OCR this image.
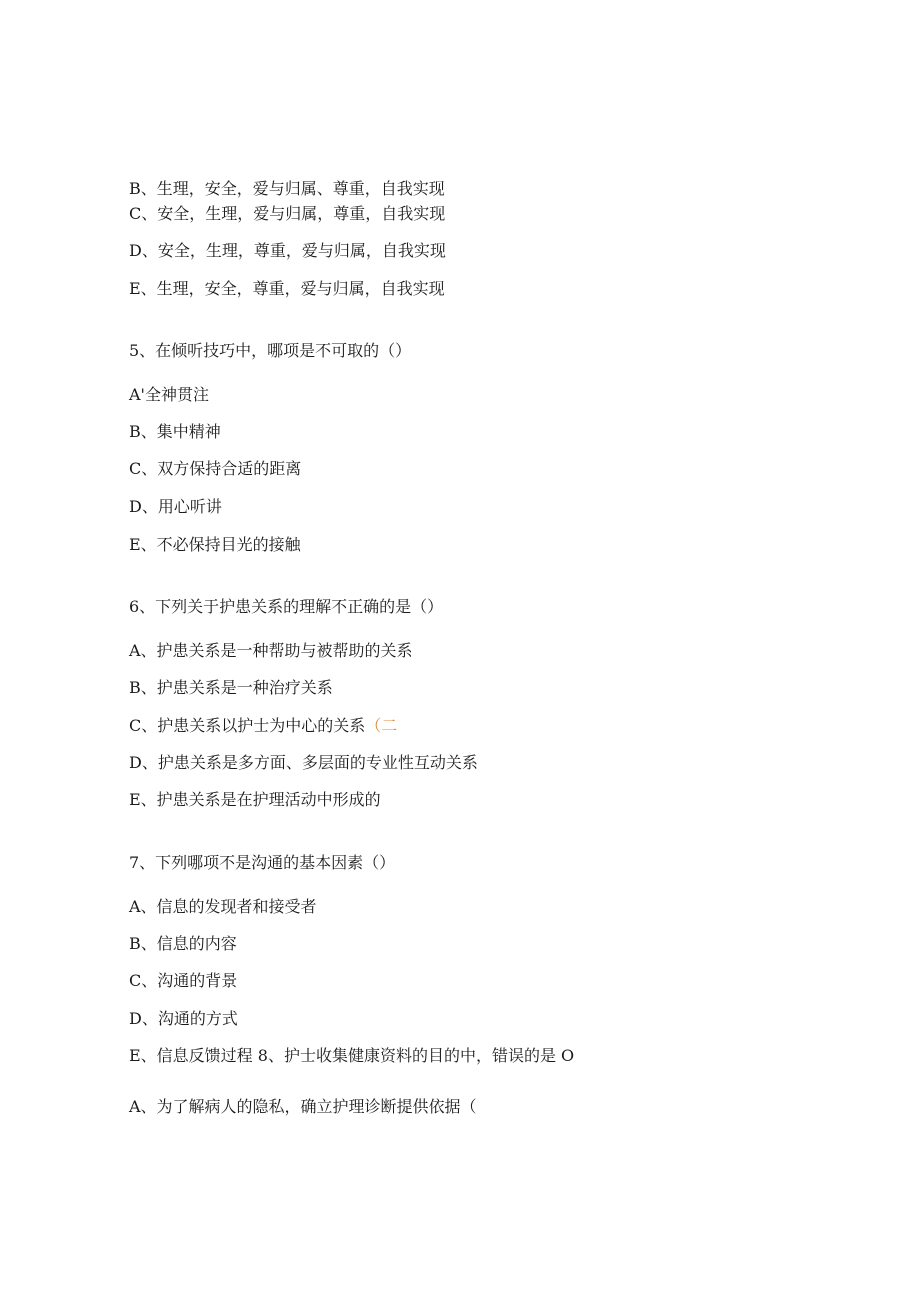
B、生理，安全，爱与归属、尊重，自我实现
C、安全，生理，爱与归属，尊重，自我实现
D、安全，生理，尊重，爱与归属，自我实现
E、生理，安全，尊重，爱与归属，自我实现
5、在倾听技巧中，哪项是不可取的（）
A'全神贯注
B、集中精神
C、双方保持合适的距离
D、用心听讲
E、不必保持目光的接触
6、下列关于护患关系的理解不正确的是（）
A、护患关系是一种帮助与被帮助的关系
B、护患关系是一种治疗关系
C、护患关系以护士为中心的关系（二
D、护患关系是多方面、多层面的专业性互动关系
E、护患关系是在护理活动中形成的
7、下列哪项不是沟通的基本因素（）
A、信息的发现者和接受者
B、信息的内容
C、沟通的背景
D、沟通的方式
E、信息反馈过程 8、护士收集健康资料的目的中，错误的是 O
A、为了解病人的隐私，确立护理诊断提供依据（
